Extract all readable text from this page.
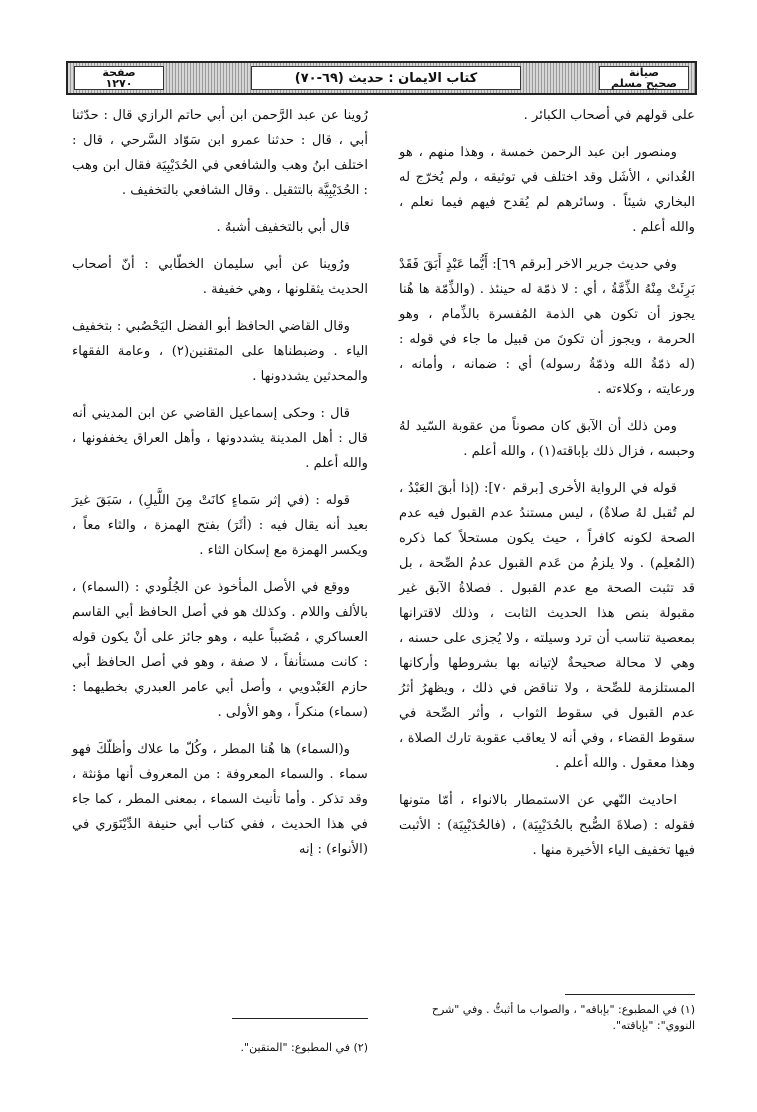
صيانة
صحيح مسلم
كتاب الايمان : حديث (٦٩-٧٠)
صفحة
١٢٧٠

على قولهم في أصحاب الكبائر .

ومنصور ابن عبد الرحمن خمسة ، وهذا منهم ، هو الغُداني ، الأشَل وقد اختلف في توثيقه ، ولم يُخرّج له البخاري شيئاً . وسائرهم لم يُقدح فيهم فيما نعلم ، والله أعلم .

وفي حديث جرير الاخر [برقم ٦٩]: أَيُّما عَبْدٍ أَبَقَ فَقَدْ بَرِئَتْ مِنْهُ الذِّمَّةُ ، أي : لا ذمّة له حينئذ . (والذِّمّة ها هُنا يجوز أن تكون هي الذمة المُفسرة بالذِّمام ، وهو الحرمة ، ويجوز أن تكونَ من قبيل ما جاء في قوله : (له ذمّةُ الله وذمّةُ رسوله) أي : ضمانه ، وأمانه ، ورعايته ، وكلاءته .

ومن ذلك أن الآبق كان مصوناً من عقوبة السّيد لهُ وحبسه ، فزال ذلك بإباقته(١) ، والله أعلم .

قوله في الرواية الأخرى [برقم ٧٠]: (إذا أبقَ العَبْدُ ، لم تُقبل لهُ صلاةٌ) ، ليس مستندُ عدم القبول فيه عدم الصحة لكونه كافراً ، حيث يكون مستحلاً كما ذكره (المُعلِم) . ولا يلزمُ من عَدم القبول عدمُ الصِّحة ، بل قد تثبت الصحة مع عدم القبول . فصلاةُ الآبق غير مقبولة بنص هذا الحديث الثابت ، وذلك لاقترانها بمعصية تناسب أن ترد وسيلته ، ولا يُجزى على حسنه ، وهي لا محالة صحيحةٌ لإتيانه بها بشروطها وأركانها المستلزمة للصِّحة ، ولا تناقض في ذلك ، ويظهرُ أثرُ عدم القبول في سقوط الثواب ، وأثر الصِّحة في سقوط القضاء ، وفي أنه لا يعاقب عقوبة تارك الصلاة ، وهذا معقول . والله أعلم .

احاديث النّهي عن الاستمطار بالانواء ، أمّا متونها فقوله : (صلاةَ الصُّبح بالحُدَيْبِيَة) ، (فالحُدَيْبِيَة) : الأثبت فيها تخفيف الياء الأخيرة منها .

رُوينا عن عبد الرَّحمن ابن أبي حاتم الرازي قال : حدّثنا أبي ، قال : حدثنا عمرو ابن سَوّاد السَّرحي ، قال : اختلف ابنُ وهب والشافعي في الحُدَيْبِيَة فقال ابن وهب : الحُدَيْبِيَّة بالتثقيل . وقال الشافعي بالتخفيف .

قال أبي بالتخفيف أشبهُ .

ورُوينا عن أبي سليمان الخطّابي : أنّ أصحاب الحديث يثقلونها ، وهي خفيفة .

وقال القاضي الحافظ أبو الفضل اليَحْصُبي : بتخفيف الياء . وضبطناها على المتقنين(٢) ، وعامة الفقهاء والمحدثين يشددونها .

قال : وحكى إسماعيل القاضي عن ابن المديني أنه قال : أهل المدينة يشددونها ، وأهل العراق يخففونها ، والله أعلم .

قوله : (في إثر سَماءٍ كانَتْ مِنَ اللَّيلِ) ، سَبَقَ غيرَ بعيد أنه يقال فيه : (أثَرَ) بفتح الهمزة ، والثاء معاً ، ويكسر الهمزة مع إسكان الثاء .

ووقع في الأصل المأخوذ عن الجُلُودي : (السماء) ، بالألف واللام . وكذلك هو في أصل الحافظ أبي القاسم العساكري ، مُضَبباً عليه ، وهو جائز على أنْ يكون قوله : كانت مستأنفاً ، لا صفة ، وهو في أصل الحافظ أبي حازم العَبْدويي ، وأصل أبي عامر العبدري بخطيهما : (سماء) منكراً ، وهو الأولى .

و(السماء) ها هُنا المطر ، وكُلّ ما علاك وأظلّكَ فهو سماء . والسماء المعروفة : من المعروف أنها مؤنثة ، وقد تذكر . وأما تأنيث السماء ، بمعنى المطر ، كما جاء في هذا الحديث ، ففي كتاب أبي حنيفة الدِّيْنَوَري في (الأنواء) : إنه

(١) في المطبوع: "بإباقه" ، والصواب ما أثبتُّ . وفي "شرح النووي": "بإباقته".
(٢) في المطبوع: "المتقين".
